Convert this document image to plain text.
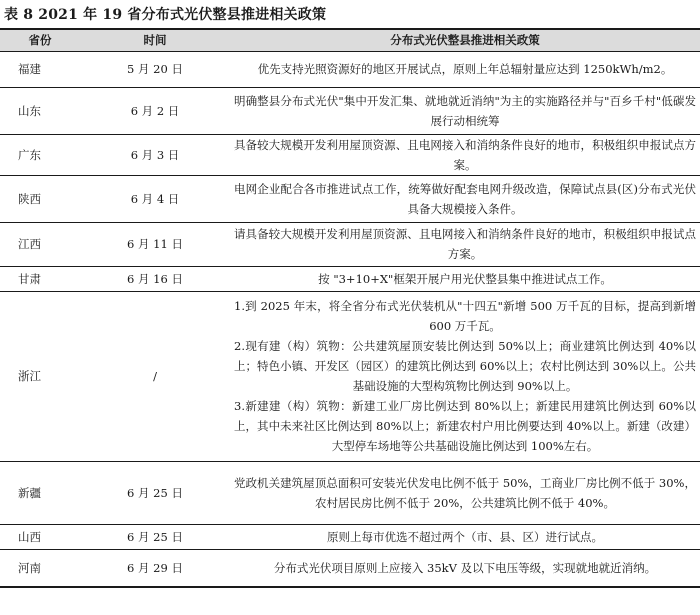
表 8 2021 年 19 省分布式光伏整县推进相关政策
省份	时间	分布式光伏整县推进相关政策
福建	5 月 20 日	优先支持光照资源好的地区开展试点，原则上年总辐射量应达到 1250kWh/m2。

山东	6 月 2 日	明确整县分布式光伏"集中开发汇集、就地就近消纳"为主的实施路径并与"百乡千村"低碳发展行动相统筹

广东	6 月 3 日	具备较大规模开发利用屋顶资源、且电网接入和消纳条件良好的地市，积极组织申报试点方案。

陕西	6 月 4 日	电网企业配合各市推进试点工作，统筹做好配套电网升级改造，保障试点县(区)分布式光伏具备大规模接入条件。

江西	6 月 11 日	请具备较大规模开发利用屋顶资源、且电网接入和消纳条件良好的地市，积极组织申报试点方案。

甘肃	6 月 16 日	按 "3+10+X"框架开展户用光伏整县集中推进试点工作。

浙江	/	1.到 2025 年末，将全省分布式光伏装机从"十四五"新增 500 万千瓦的目标，提高到新增 600 万千瓦。

2.现有建（构）筑物：公共建筑屋顶安装比例达到 50%以上；商业建筑比例达到 40%以上；特色小镇、开发区（园区）的建筑比例达到 60%以上；农村比例达到 30%以上。公共基础设施的大型构筑物比例达到 90%以上。

3.新建建（构）筑物：新建工业厂房比例达到 80%以上；新建民用建筑比例达到 60%以上，其中未来社区比例达到 80%以上；新建农村户用比例要达到 40%以上。新建（改建）大型停车场地等公共基础设施比例达到 100%左右。

新疆	6 月 25 日	党政机关建筑屋顶总面积可安装光伏发电比例不低于 50%，工商业厂房比例不低于 30%，农村居民房比例不低于 20%，公共建筑比例不低于 40%。

山西	6 月 25 日	原则上每市优选不超过两个（市、县、区）进行试点。

河南	6 月 29 日	分布式光伏项目原则上应接入 35kV 及以下电压等级，实现就地就近消纳。
